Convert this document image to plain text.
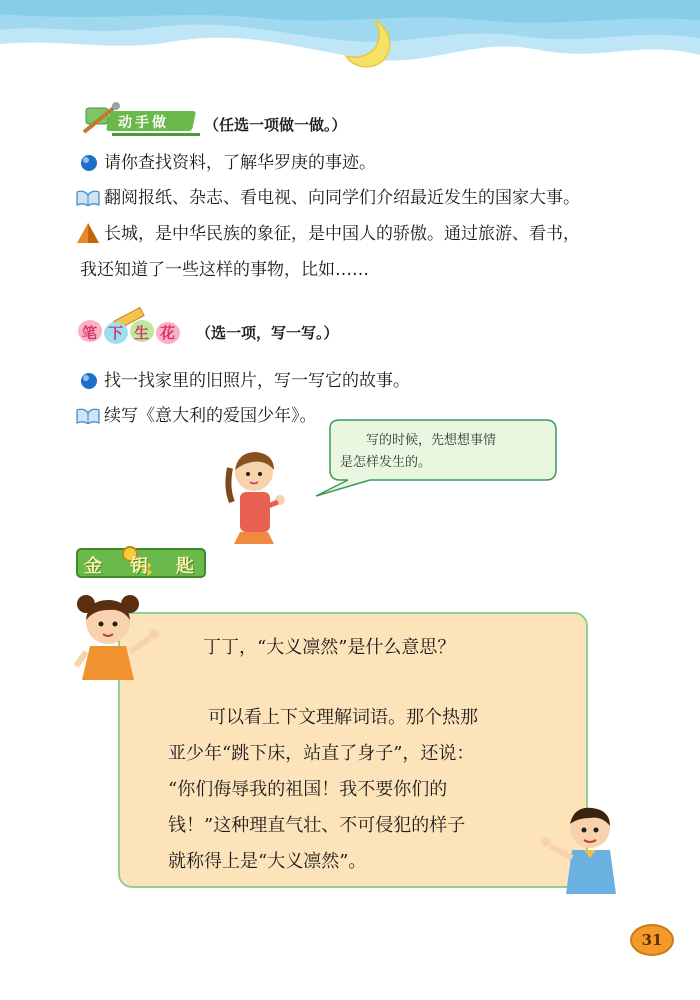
动手做 （任选一项做一做。）
请你查找资料，了解华罗庚的事迹。
翻阅报纸、杂志、看电视、向同学们介绍最近发生的国家大事。
长城，是中华民族的象征，是中国人的骄傲。通过旅游、看书，
我还知道了一些这样的事物，比如……
笔下生花 （选一项，写一写。）
找一找家里的旧照片，写一写它的故事。
续写《意大利的爱国少年》。
写的时候，先想想事情
是怎样发生的。
金钥匙
丁丁，“大义凛然”是什么意思？
可以看上下文理解词语。那个热那
亚少年“跳下床，站直了身子”，还说：
“你们侮辱我的祖国！我不要你们的
钱！”这种理直气壮、不可侵犯的样子
就称得上是“大义凛然”。
31
